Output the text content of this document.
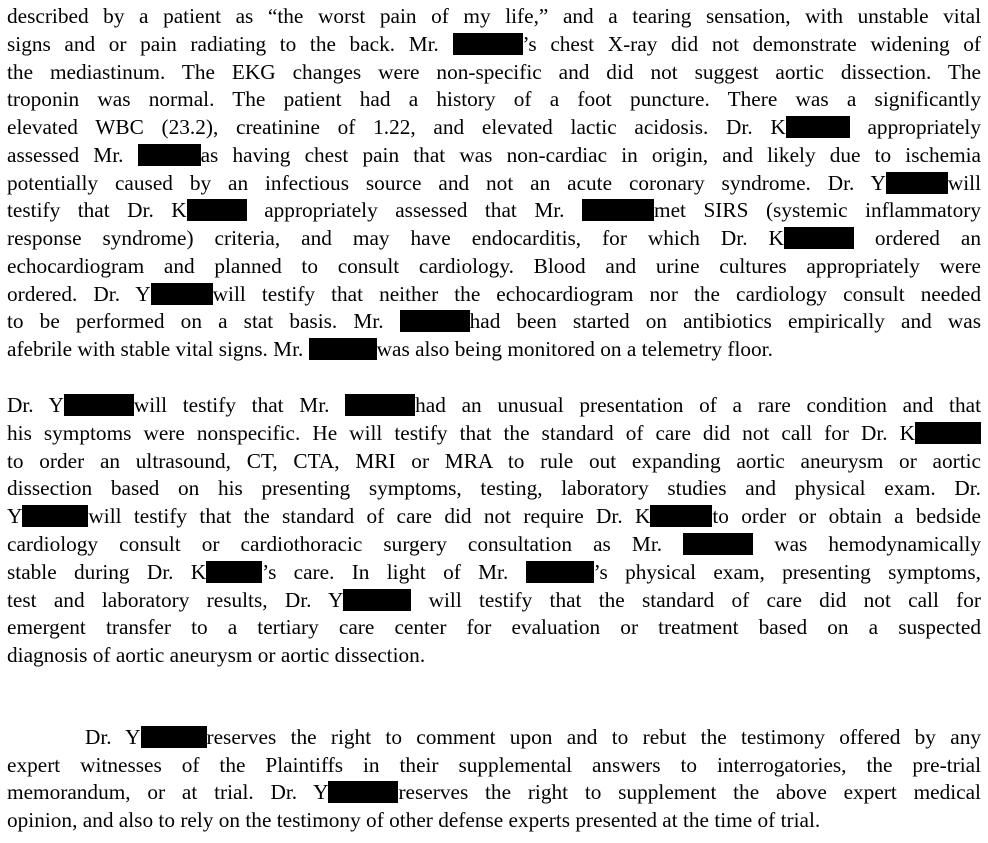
described by a patient as “the worst pain of my life,” and a tearing sensation, with unstable vital
signs and or pain radiating to the back. Mr.	’s chest X-ray did not demonstrate widening of
the mediastinum. The EKG changes were non-specific and did not suggest aortic dissection. The
troponin was normal. The patient had a history of a foot puncture. There was a significantly
elevated WBC (23.2), creatinine of 1.22, and elevated lactic acidosis. Dr. K	appropriately
assessed Mr.	as having chest pain that was non-cardiac in origin, and likely due to ischemia
potentially caused by an infectious source and not an acute coronary syndrome. Dr. Y	will
testify that Dr. K	appropriately assessed that Mr.	met SIRS (systemic inflammatory
response syndrome) criteria, and may have endocarditis, for which Dr. K	ordered an
echocardiogram and planned to consult cardiology. Blood and urine cultures appropriately were
ordered. Dr. Y	will testify that neither the echocardiogram nor the cardiology consult needed
to be performed on a stat basis. Mr.	had been started on antibiotics empirically and was
afebrile with stable vital signs. Mr.	was also being monitored on a telemetry floor.
Dr. Y	will testify that Mr.	had an unusual presentation of a rare condition and that
his symptoms were nonspecific. He will testify that the standard of care did not call for Dr. K
to order an ultrasound, CT, CTA, MRI or MRA to rule out expanding aortic aneurysm or aortic
dissection based on his presenting symptoms, testing, laboratory studies and physical exam. Dr.
Y	will testify that the standard of care did not require Dr. K	to order or obtain a bedside
cardiology consult or cardiothoracic surgery consultation as Mr.	was hemodynamically
stable during Dr. K	’s care. In light of Mr.	’s physical exam, presenting symptoms,
test and laboratory results, Dr. Y	will testify that the standard of care did not call for
emergent transfer to a tertiary care center for evaluation or treatment based on a suspected
diagnosis of aortic aneurysm or aortic dissection.
Dr. Y	reserves the right to comment upon and to rebut the testimony offered by any
expert witnesses of the Plaintiffs in their supplemental answers to interrogatories, the pre-trial
memorandum, or at trial. Dr. Y	reserves the right to supplement the above expert medical
opinion, and also to rely on the testimony of other defense experts presented at the time of trial.
